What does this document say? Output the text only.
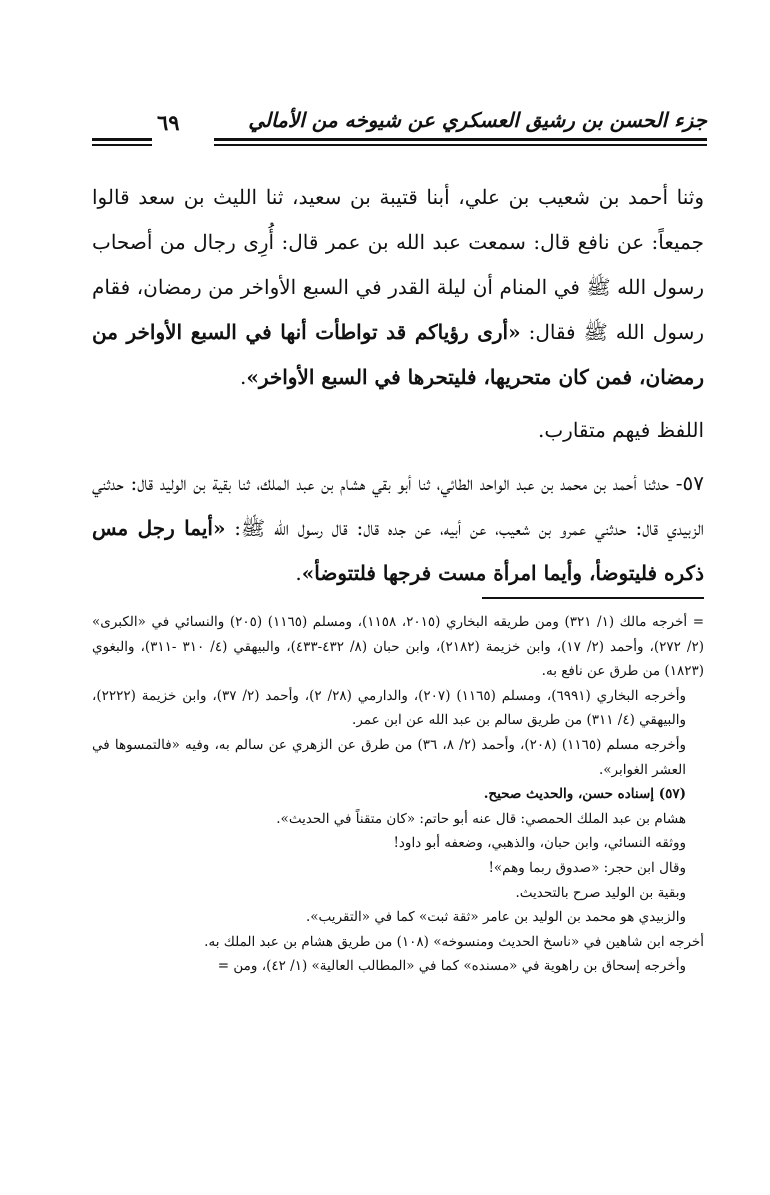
جزء الحسن بن رشيق العسكري عن شيوخه من الأمالي
٦٩

وثنا أحمد بن شعيب بن علي، أبنا قتيبة بن سعيد، ثنا الليث بن سعد قالوا جميعاً: عن نافع قال: سمعت عبد الله بن عمر قال: أُرِى رجال من أصحاب رسول الله ﷺ في المنام أن ليلة القدر في السبع الأواخر من رمضان، فقام رسول الله ﷺ فقال: «أرى رؤياكم قد تواطأت أنها في السبع الأواخر من رمضان، فمن كان متحريها، فليتحرها في السبع الأواخر».

اللفظ فيهم متقارب.

٥٧- حدثنا أحمد بن محمد بن عبد الواحد الطائي، ثنا أبو بقي هشام بن عبد الملك، ثنا بقية بن الوليد قال: حدثني الزبيدي قال: حدثني عمرو بن شعيب، عن أبيه، عن جده قال: قال رسول الله ﷺ: «أيما رجل مس ذكره فليتوضأ، وأيما امرأة مست فرجها فلتتوضأ».

= أخرجه مالك (١/ ٣٢١) ومن طريقه البخاري (٢٠١٥، ١١٥٨)، ومسلم (١١٦٥) (٢٠٥) والنسائي في «الكبرى» (٢/ ٢٧٢)، وأحمد (٢/ ١٧)، وابن خزيمة (٢١٨٢)، وابن حبان (٨/ ٤٣٢-٤٣٣)، والبيهقي (٤/ ٣١٠ -٣١١)، والبغوي (١٨٢٣) من طرق عن نافع به.

وأخرجه البخاري (٦٩٩١)، ومسلم (١١٦٥) (٢٠٧)، والدارمي (٢٨/ ٢)، وأحمد (٢/ ٣٧)، وابن خزيمة (٢٢٢٢)، والبيهقي (٤/ ٣١١) من طريق سالم بن عبد الله عن ابن عمر.

وأخرجه مسلم (١١٦٥) (٢٠٨)، وأحمد (٢/ ٨، ٣٦) من طرق عن الزهري عن سالم به، وفيه «فالتمسوها في العشر الغوابر».

(٥٧) إسناده حسن، والحديث صحيح.

هشام بن عبد الملك الحمصي: قال عنه أبو حاتم: «كان متقناً في الحديث».

ووثقه النسائي، وابن حبان، والذهبي، وضعفه أبو داود!

وقال ابن حجر: «صدوق ربما وهم»!

وبقية بن الوليد صرح بالتحديث.

والزبيدي هو محمد بن الوليد بن عامر «ثقة ثبت» كما في «التقريب».

أخرجه ابن شاهين في «ناسخ الحديث ومنسوخه» (١٠٨) من طريق هشام بن عبد الملك به.

وأخرجه إسحاق بن راهوية في «مسنده» كما في «المطالب العالية» (١/ ٤٢)، ومن =
